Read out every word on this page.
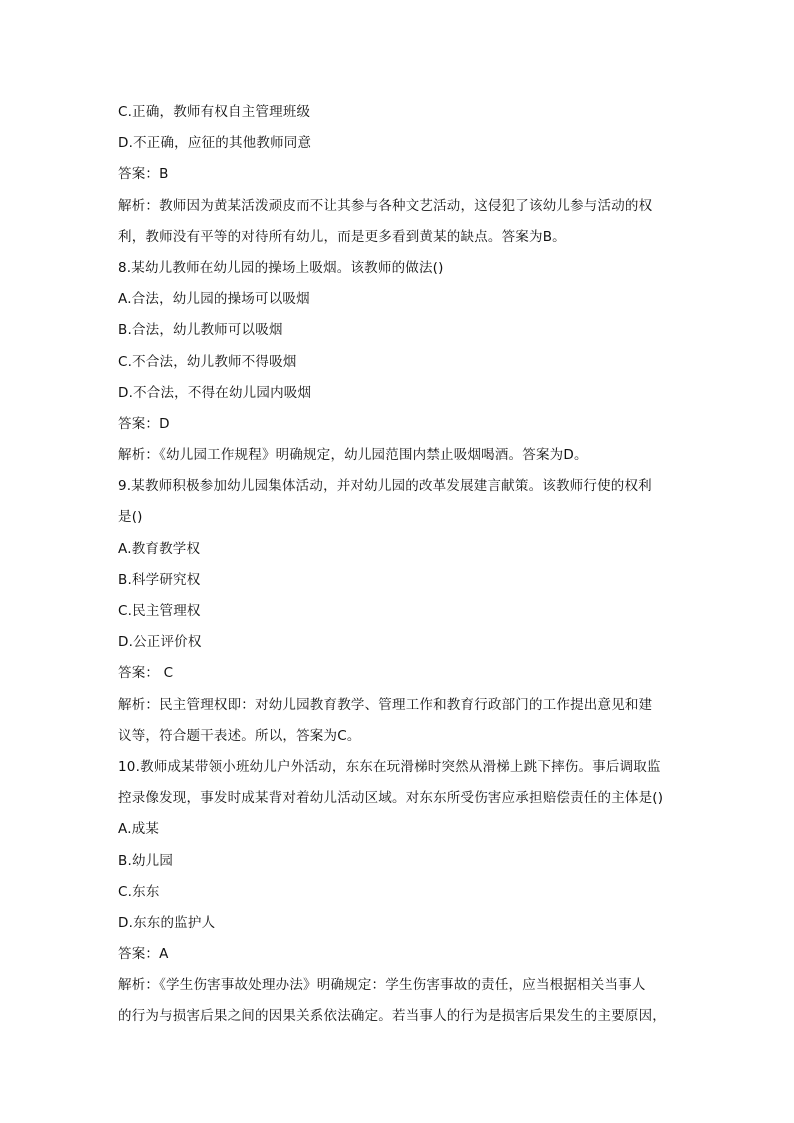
C.正确，教师有权自主管理班级
D.不正确，应征的其他教师同意
答案：B
解析：教师因为黄某活泼顽皮而不让其参与各种文艺活动，这侵犯了该幼儿参与活动的权
利，教师没有平等的对待所有幼儿，而是更多看到黄某的缺点。答案为B。
8.某幼儿教师在幼儿园的操场上吸烟。该教师的做法()
A.合法，幼儿园的操场可以吸烟
B.合法，幼儿教师可以吸烟
C.不合法，幼儿教师不得吸烟
D.不合法，不得在幼儿园内吸烟
答案：D
解析：《幼儿园工作规程》明确规定，幼儿园范围内禁止吸烟喝酒。答案为D。
9.某教师积极参加幼儿园集体活动，并对幼儿园的改革发展建言献策。该教师行使的权利
是()
A.教育教学权
B.科学研究权
C.民主管理权
D.公正评价权
答案： C
解析：民主管理权即：对幼儿园教育教学、管理工作和教育行政部门的工作提出意见和建
议等，符合题干表述。所以，答案为C。
10.教师成某带领小班幼儿户外活动，东东在玩滑梯时突然从滑梯上跳下摔伤。事后调取监
控录像发现，事发时成某背对着幼儿活动区域。对东东所受伤害应承担赔偿责任的主体是()
A.成某
B.幼儿园
C.东东
D.东东的监护人
答案：A
解析：《学生伤害事故处理办法》明确规定：学生伤害事故的责任，应当根据相关当事人
的行为与损害后果之间的因果关系依法确定。若当事人的行为是损害后果发生的主要原因，
